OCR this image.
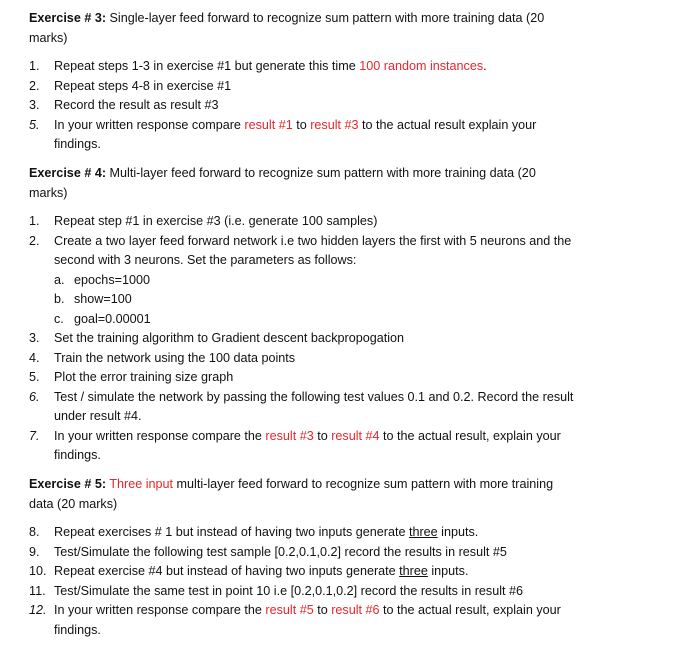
Exercise # 3: Single-layer feed forward to recognize sum pattern with more training data (20
marks)
1.	Repeat steps 1-3 in exercise #1 but generate this time 100 random instances.
2.	Repeat steps 4-8 in exercise #1
3.	Record the result as result #3
5.	In your written response compare result #1 to result #3 to the actual result explain your
findings.
Exercise # 4: Multi-layer feed forward to recognize sum pattern with more training data (20
marks)
1.	Repeat step #1 in exercise #3 (i.e. generate 100 samples)
2.	Create a two layer feed forward network i.e two hidden layers the first with 5 neurons and the
second with 3 neurons. Set the parameters as follows:
a. epochs=1000
b. show=100
c. goal=0.00001
3.	Set the training algorithm to Gradient descent backpropogation
4.	Train the network using the 100 data points
5.	Plot the error training size graph
6.	Test / simulate the network by passing the following test values 0.1 and 0.2. Record the result
under result #4.
7.	In your written response compare the result #3 to result #4 to the actual result, explain your
findings.
Exercise # 5: Three input multi-layer feed forward to recognize sum pattern with more training
data (20 marks)
8.	Repeat exercises # 1 but instead of having two inputs generate three inputs.
9.	Test/Simulate the following test sample [0.2,0.1,0.2] record the results in result #5
10. Repeat exercise #4 but instead of having two inputs generate three inputs.
11. Test/Simulate the same test in point 10 i.e [0.2,0.1,0.2] record the results in result #6
12. In your written response compare the result #5 to result #6 to the actual result, explain your
findings.
